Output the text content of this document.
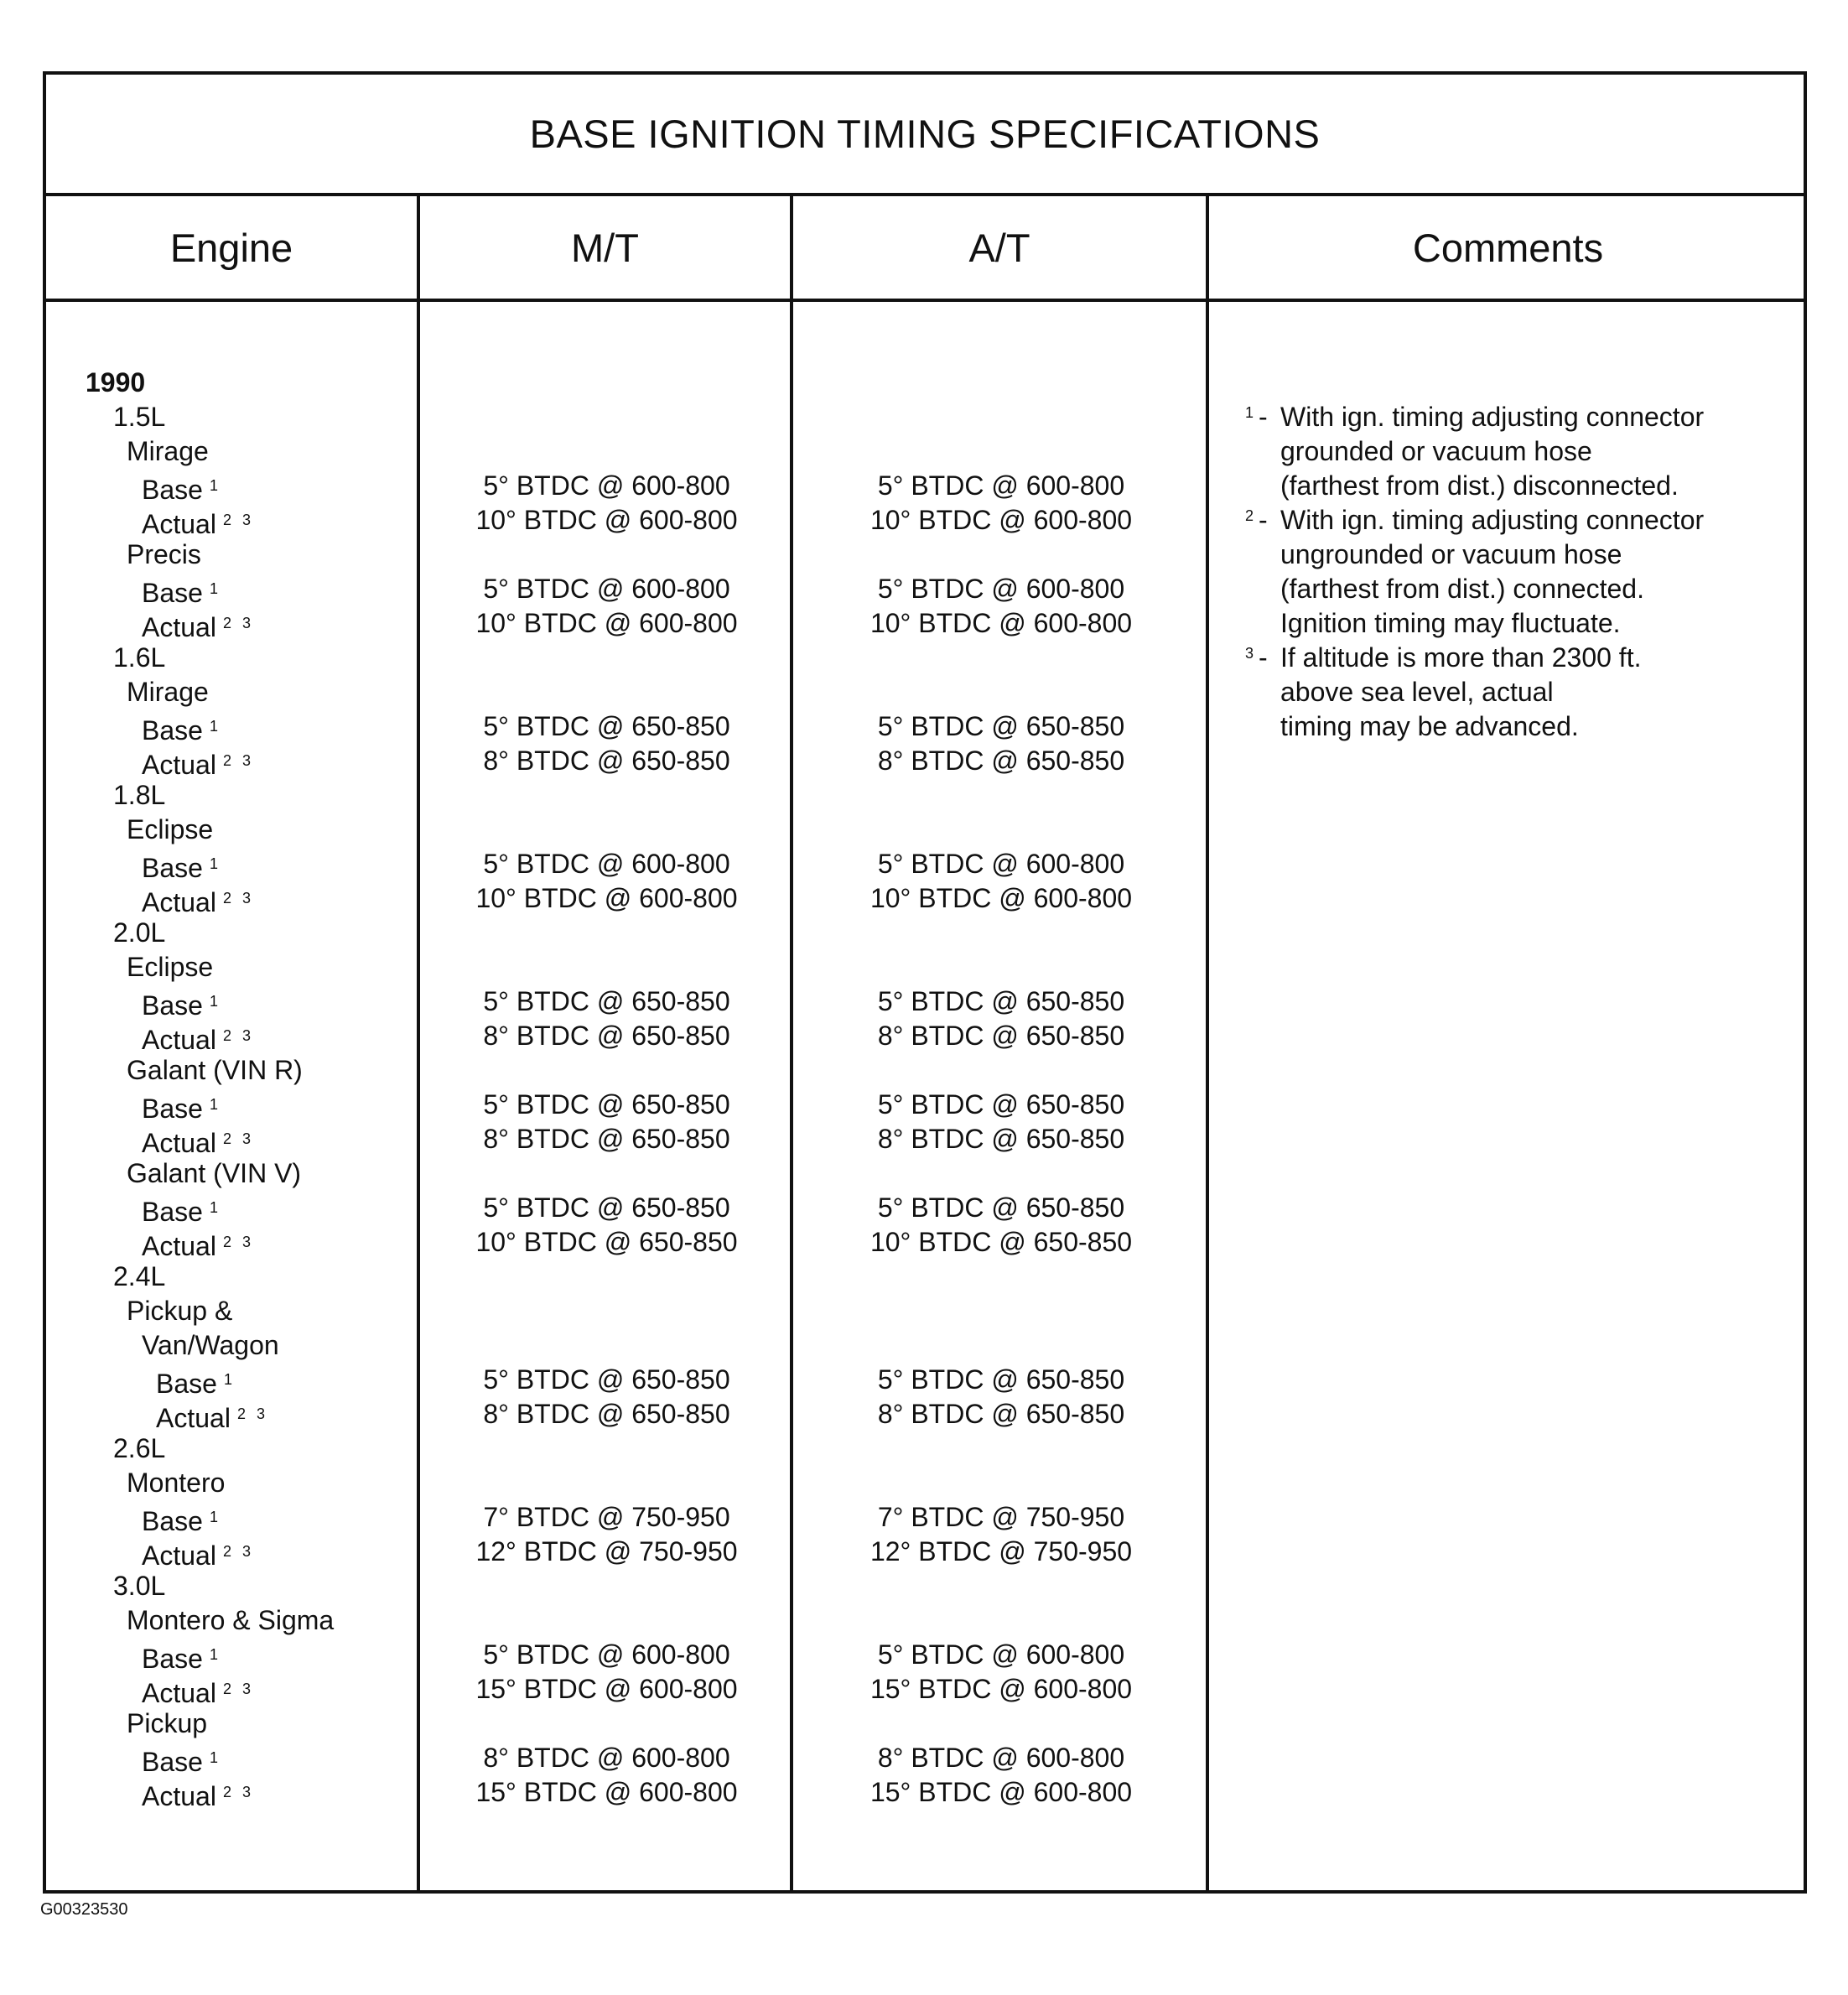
BASE IGNITION TIMING SPECIFICATIONS
Engine	M/T	A/T	Comments
1990
1.5L
Mirage
Base $^1$	5° BTDC @ 600-800	5° BTDC @ 600-800
Actual $^{2 3}$	10° BTDC @ 600-800	10° BTDC @ 600-800
Precis
Base $^1$	5° BTDC @ 600-800	5° BTDC @ 600-800
Actual $^{2 3}$	10° BTDC @ 600-800	10° BTDC @ 600-800
1.6L
Mirage
Base $^1$	5° BTDC @ 650-850	5° BTDC @ 650-850
Actual $^{2 3}$	8° BTDC @ 650-850	8° BTDC @ 650-850
1.8L
Eclipse
Base $^1$	5° BTDC @ 600-800	5° BTDC @ 600-800
Actual $^{2 3}$	10° BTDC @ 600-800	10° BTDC @ 600-800
2.0L
Eclipse
Base $^1$	5° BTDC @ 650-850	5° BTDC @ 650-850
Actual $^{2 3}$	8° BTDC @ 650-850	8° BTDC @ 650-850
Galant (VIN R)
Base $^1$	5° BTDC @ 650-850	5° BTDC @ 650-850
Actual $^{2 3}$	8° BTDC @ 650-850	8° BTDC @ 650-850
Galant (VIN V)
Base $^1$	5° BTDC @ 650-850	5° BTDC @ 650-850
Actual $^{2 3}$	10° BTDC @ 650-850	10° BTDC @ 650-850
2.4L
Pickup &
Van/Wagon
Base $^1$	5° BTDC @ 650-850	5° BTDC @ 650-850
Actual $^{2 3}$	8° BTDC @ 650-850	8° BTDC @ 650-850
2.6L
Montero
Base $^1$	7° BTDC @ 750-950	7° BTDC @ 750-950
Actual $^{2 3}$	12° BTDC @ 750-950	12° BTDC @ 750-950
3.0L
Montero & Sigma
Base $^1$	5° BTDC @ 600-800	5° BTDC @ 600-800
Actual $^{2 3}$	15° BTDC @ 600-800	15° BTDC @ 600-800
Pickup
Base $^1$	8° BTDC @ 600-800	8° BTDC @ 600-800
Actual $^{2 3}$	15° BTDC @ 600-800	15° BTDC @ 600-800
1 - With ign. timing adjusting connector
grounded or vacuum hose
(farthest from dist.) disconnected.
2 - With ign. timing adjusting connector
ungrounded or vacuum hose
(farthest from dist.) connected.
Ignition timing may fluctuate.
3 - If altitude is more than 2300 ft.
above sea level, actual
timing may be advanced.
G00323530
